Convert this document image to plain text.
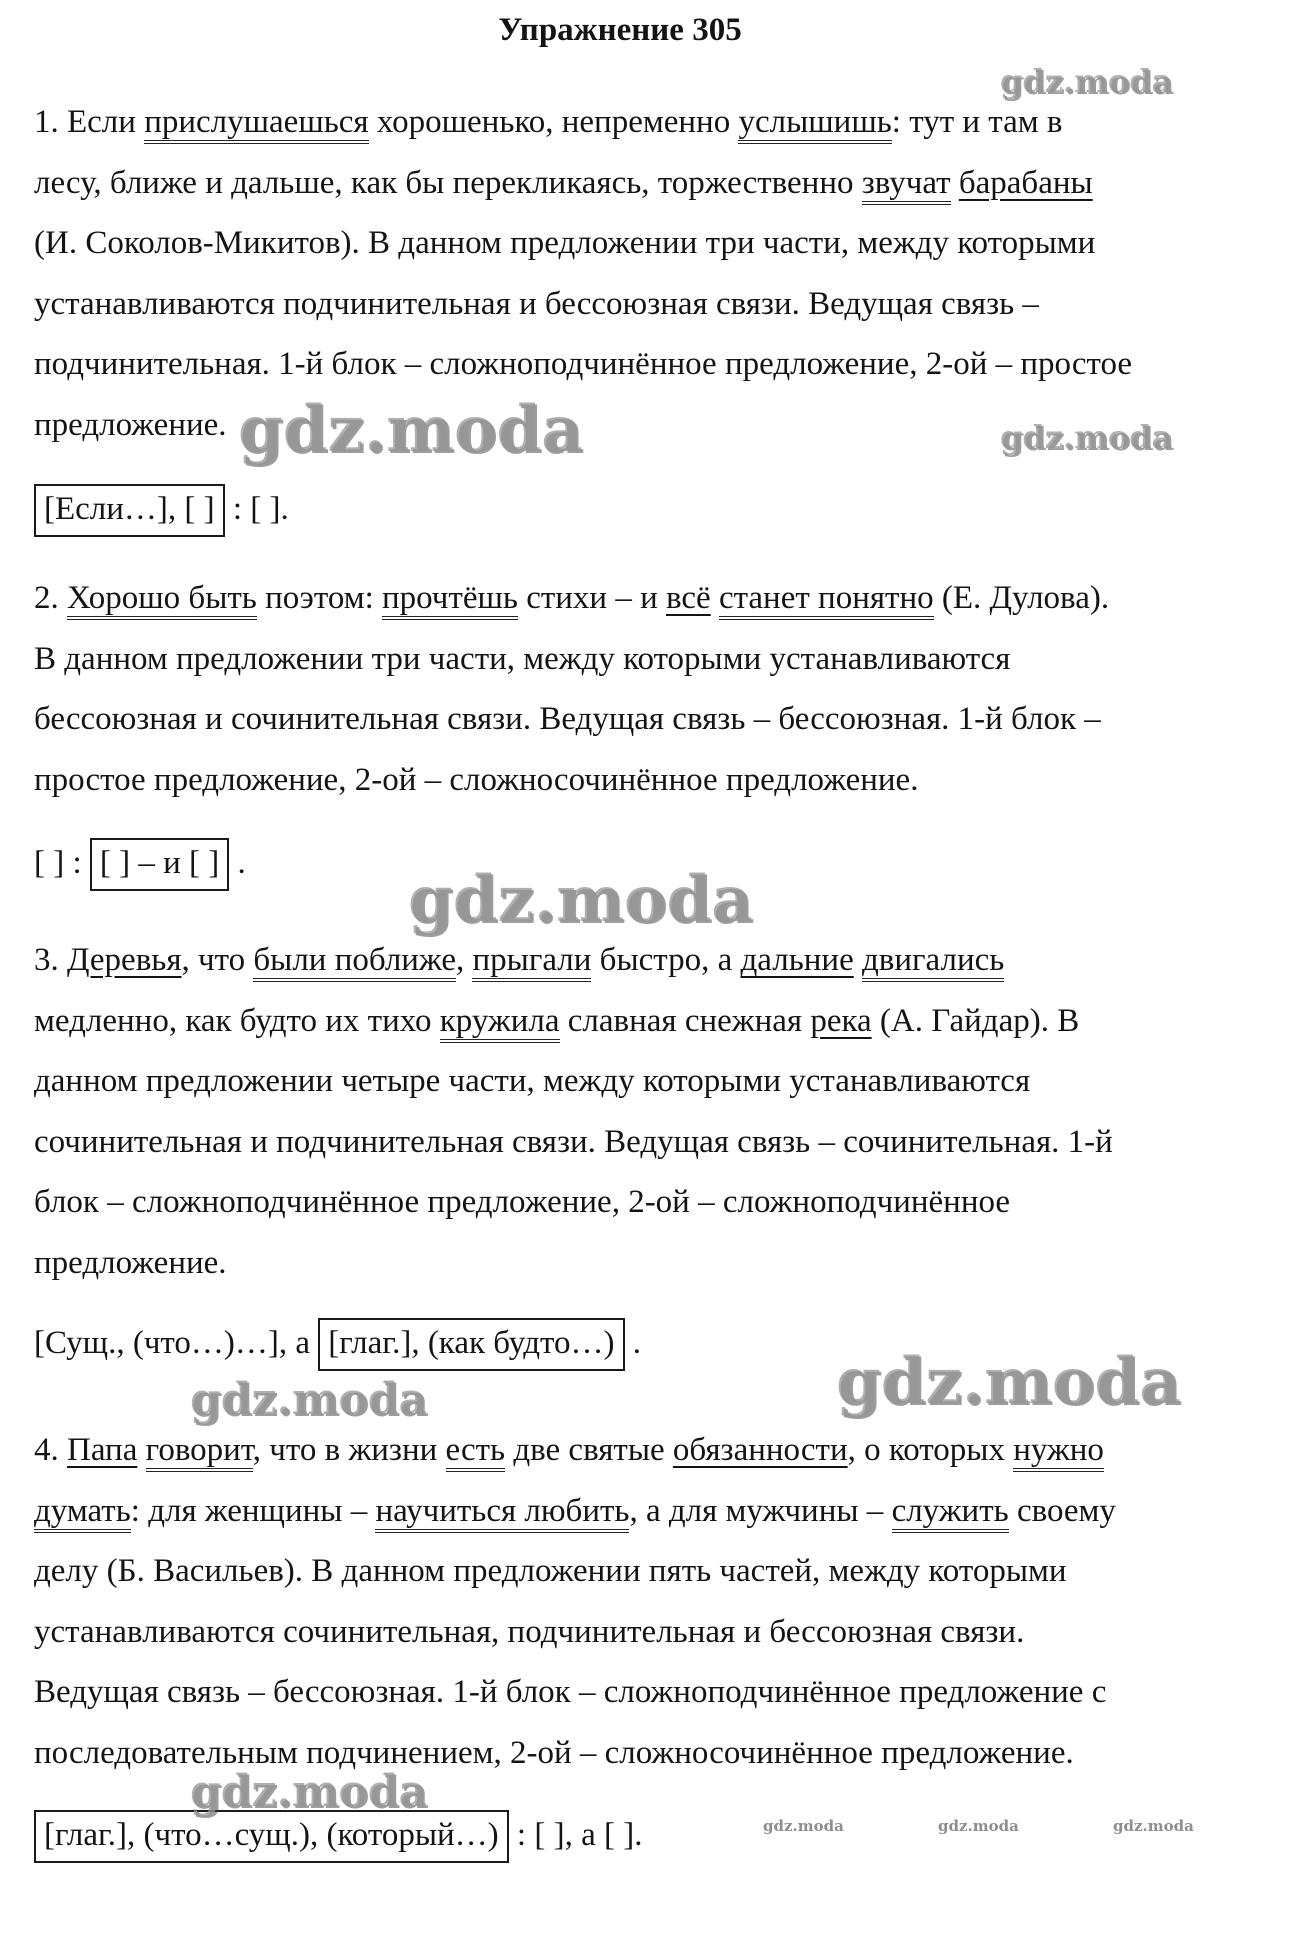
Упражнение 305
1. Если прислушаешься хорошенько, непременно услышишь: тут и там в
лесу, ближе и дальше, как бы перекликаясь, торжественно звучат барабаны
(И. Соколов-Микитов). В данном предложении три части, между которыми
устанавливаются подчинительная и бессоюзная связи. Ведущая связь –
подчинительная. 1-й блок – сложноподчинённое предложение, 2-ой – простое
предложение.
[Если…], [ ] : [ ].
2. Хорошо быть поэтом: прочтёшь стихи – и всё станет понятно (Е. Дулова).
В данном предложении три части, между которыми устанавливаются
бессоюзная и сочинительная связи. Ведущая связь – бессоюзная. 1-й блок –
простое предложение, 2-ой – сложносочинённое предложение.
[ ] : [ ] – и [ ] .
3. Деревья, что были поближе, прыгали быстро, а дальние двигались
медленно, как будто их тихо кружила славная снежная река (А. Гайдар). В
данном предложении четыре части, между которыми устанавливаются
сочинительная и подчинительная связи. Ведущая связь – сочинительная. 1-й
блок – сложноподчинённое предложение, 2-ой – сложноподчинённое
предложение.
[Сущ., (что…)…], а [глаг.], (как будто…) .
4. Папа говорит, что в жизни есть две святые обязанности, о которых нужно
думать: для женщины – научиться любить, а для мужчины – служить своему
делу (Б. Васильев). В данном предложении пять частей, между которыми
устанавливаются сочинительная, подчинительная и бессоюзная связи.
Ведущая связь – бессоюзная. 1-й блок – сложноподчинённое предложение с
последовательным подчинением, 2-ой – сложносочинённое предложение.
[глаг.], (что…сущ.), (который…) : [ ], а [ ].
gdz.moda
gdz.moda	gdz.moda
gdz.moda
gdz.moda
gdz.moda
gdz.moda
gdz.moda	gdz.moda	gdz.moda
